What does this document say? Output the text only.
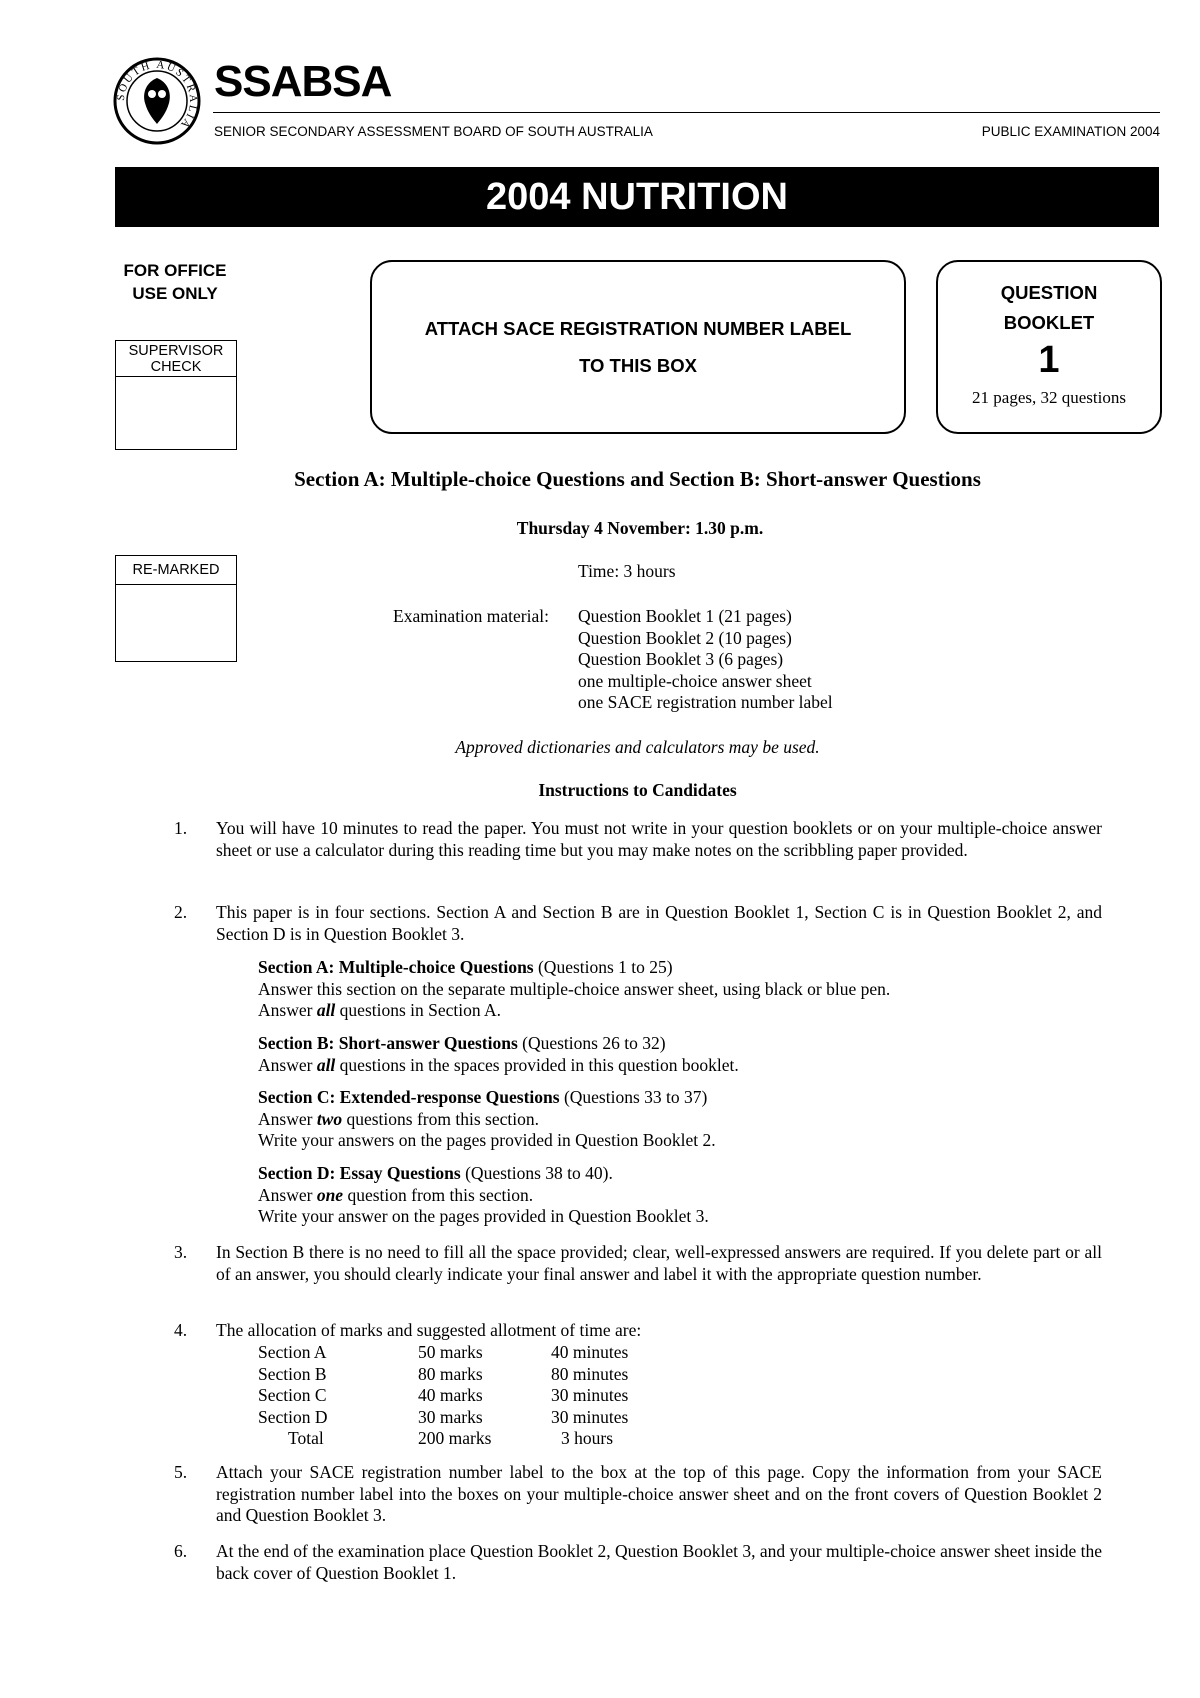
SOUTH AUSTRALIA
SSABSA
SENIOR SECONDARY ASSESSMENT BOARD OF SOUTH AUSTRALIA	PUBLIC EXAMINATION 2004
2004 NUTRITION
FOR OFFICE
USE ONLY
SUPERVISOR
CHECK
RE-MARKED
ATTACH SACE REGISTRATION NUMBER LABEL
TO THIS BOX
QUESTION
BOOKLET
1
21 pages, 32 questions
Section A: Multiple-choice Questions and Section B: Short-answer Questions
Thursday 4 November: 1.30 p.m.
Time: 3 hours
Examination material: Question Booklet 1 (21 pages)
Question Booklet 2 (10 pages)
Question Booklet 3 (6 pages)
one multiple-choice answer sheet
one SACE registration number label
Approved dictionaries and calculators may be used.
Instructions to Candidates
1. You will have 10 minutes to read the paper. You must not write in your question booklets or on your multiple-choice answer sheet or use a calculator during this reading time but you may make notes on the scribbling paper provided.
2. This paper is in four sections. Section A and Section B are in Question Booklet 1, Section C is in Question Booklet 2, and Section D is in Question Booklet 3.
Section A: Multiple-choice Questions (Questions 1 to 25)
Answer this section on the separate multiple-choice answer sheet, using black or blue pen.
Answer all questions in Section A.
Section B: Short-answer Questions (Questions 26 to 32)
Answer all questions in the spaces provided in this question booklet.
Section C: Extended-response Questions (Questions 33 to 37)
Answer two questions from this section.
Write your answers on the pages provided in Question Booklet 2.
Section D: Essay Questions (Questions 38 to 40).
Answer one question from this section.
Write your answer on the pages provided in Question Booklet 3.
3. In Section B there is no need to fill all the space provided; clear, well-expressed answers are required. If you delete part or all of an answer, you should clearly indicate your final answer and label it with the appropriate question number.
4. The allocation of marks and suggested allotment of time are:
Section A	50 marks	40 minutes
Section B	80 marks	80 minutes
Section C	40 marks	30 minutes
Section D	30 marks	30 minutes
Total	200 marks	3 hours
5. Attach your SACE registration number label to the box at the top of this page. Copy the information from your SACE registration number label into the boxes on your multiple-choice answer sheet and on the front covers of Question Booklet 2 and Question Booklet 3.
6. At the end of the examination place Question Booklet 2, Question Booklet 3, and your multiple-choice answer sheet inside the back cover of Question Booklet 1.
